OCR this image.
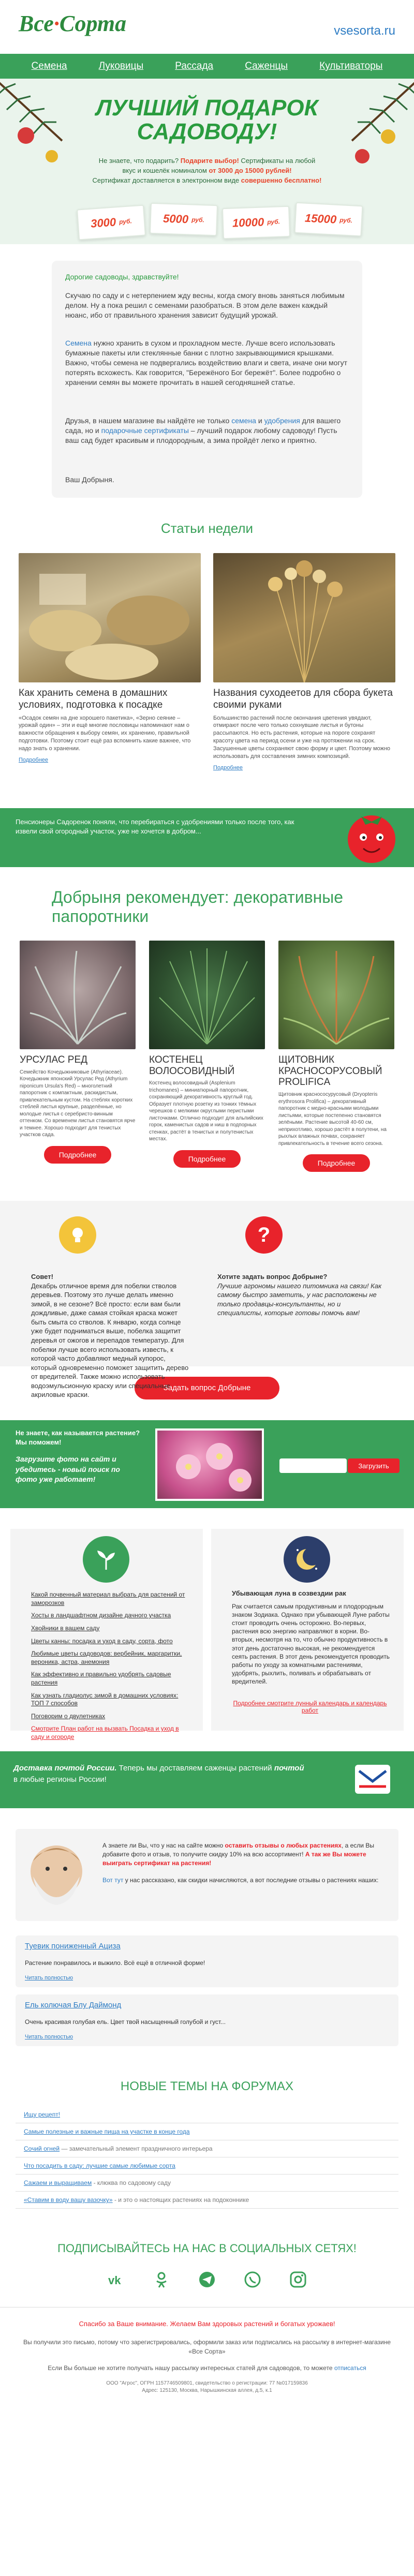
Все·Сорта	vsesorta.ru
Семена	Луковицы	Рассада	Саженцы	Культиваторы
ЛУЧШИЙ ПОДАРОК
САДОВОДУ!
Не знаете, что подарить? Подарите выбор! Сертификаты на любой
вкус и кошелёк номиналом от 3000 до 15000 рублей!
Сертификат доставляется в электронном виде совершенно бесплатно!
3000
руб.	5000
руб. 10000
руб. 15000
руб.
Дорогие садоводы, здравствуйте!
Скучаю по саду и с нетерпением жду весны, когда смогу вновь заняться любимым делом. Ну а пока решил с семенами разобраться. В этом деле важен каждый нюанс, ибо от правильного хранения зависит будущий урожай.
Семена нужно хранить в сухом и прохладном месте. Лучше всего использовать бумажные пакеты или стеклянные банки с плотно закрывающимися крышками. Важно, чтобы семена не подвергались воздействию влаги и света, иначе они могут потерять всхожесть. Как говорится, "Бережёного Бог бережёт". Более подробно о хранении семян вы можете прочитать в нашей сегодняшней статье.
Друзья, в нашем магазине вы найдёте не только семена и удобрения для вашего сада, но и подарочные сертификаты – лучший подарок любому садоводу! Пусть ваш сад будет красивым и плодородным, а зима пройдёт легко и приятно.
Ваш Добрыня.
Статьи недели
Как хранить семена в домашних условиях, подготовка к посадке
«Осадок семян на дне хорошего пакетика», «Зерно сеяние – урожай один» – эти и ещё многие пословицы напоминают нам о важности обращения к выбору семян, их хранению, правильной подготовки. Поэтому стоит ещё раз вспомнить какие важнее, что надо знать о хранении.
Подробнее
Названия суходеетов для сбора букета своими руками
Большинство растений после окончания цветения увядают, отмирают после чего только сохнувшие листья и бутоны рассыпаются. Но есть растения, которые на пороге сохранят красоту цвета на период осени и уже на протяжении на срок. Засушенные цветы сохраняют свою форму и цвет. Поэтому можно использовать для составления зимних композиций.
Подробнее
Пенсионеры Садоренок поняли, что перебираться с удобрениями только после того, как извели свой огородный участок, уже не хочется в добром...
Добрыня рекомендует: декоративные папоротники
УРСУЛАС РЕД
Семейство Кочедыжниковые (Athyriaceae). Кочедыжник японский Урсулас Ред (Athyrium niponicum Ursula's Red) – многолетний папоротник с компактным, раскидистым, привлекательным кустом. На стеблях коротких стеблей листья крупные, разделённые, но молодые листья с серебристо-винным оттенком. Со временем листья становятся ярче и темнее. Хорошо подходит для тенистых участков сада.
Подробнее
КОСТЕНЕЦ ВОЛОСОВИДНЫЙ
Костенец волосовидный (Asplenium trichomanes) – миниатюрный папоротник, сохраняющий декоративность круглый год. Образует плотную розетку из тонких тёмных черешков с мелкими округлыми перистыми листочками. Отлично подходит для альпийских горок, каменистых садов и ниш в подпорных стенках, растёт в тенистых и полутенистых местах.
Подробнее
ЩИТОВНИК КРАСНОСОРУСОВЫЙ PROLIFICA
Щитовник краснососурусовый (Dryopteris erythrosora Prolifica) – декоративный папоротник с медно-красными молодыми листьями, которые постепенно становятся зелёными. Растение высотой 40-60 см, неприхотливо, хорошо растёт в полутени, на рыхлых влажных почвах, сохраняет привлекательность в течение всего сезона.
Подробнее
Совет!
Декабрь отличное время для побелки стволов деревьев. Поэтому это лучше делать именно зимой, в не сезоне? Всё просто: если вам были дождливые, даже самая стойкая краска может быть смыта со стволов. К январю, когда солнце уже будет подниматься выше, побелка защитит деревья от ожогов и перепадов температур. Для побелки лучше всего использовать известь, к которой часто добавляют медный купорос, который одновременно поможет защитить дерево от вредителей. Также можно использовать водоэмульсионную краску или специальные акриловые краски.
?
Хотите задать вопрос Добрыне?
Лучшие агрономы нашего питомника на связи! Как самому быстро заметить, у нас расположены не только продавцы-консультанты, но и специалисты, которые готовы помочь вам!
Задать вопрос Добрыне
Не знаете, как называется растение?
Мы поможем!
Загрузите фото на сайт и убедитесь - новый поиск по фото уже работает!
Загрузить
Какой почвенный материал выбрать для растений от заморозков
Хосты в ландшафтном дизайне дачного участка
Хвойники в вашем саду
Цветы канны: посадка и уход в саду, сорта, фото
Любимые цветы садоводов: вербейник, маргаритки, вероника, астра, анемония
Как эффективно и правильно удобрять садовые растения
Как узнать гладиолус зимой в домашних условиях: ТОП 7 способов
Поговорим о двулетниках
Смотрите План работ на вызвать Посадка и уход в саду и огороде
Убывающая луна в созвездии рак
Рак считается самым продуктивным и плодородным знаком Зодиака. Однако при убывающей Луне работы стоит проводить очень осторожно. Во-первых, растения всю энергию направляют в корни. Во-вторых, несмотря на то, что обычно продуктивность в этот день достаточно высокая, не рекомендуется сеять растения. В этот день рекомендуется проводить работы по уходу за комнатными растениями, удобрять, рыхлить, поливать и обрабатывать от вредителей.
Подробнее смотрите лунный календарь и календарь работ
Доставка почтой России. Теперь мы доставляем саженцы растений почтой в любые регионы России!
А знаете ли Вы, что у нас на сайте можно оставить отзывы о любых растениях, а если Вы добавите фото и отзыв, то получите скидку 10% на всю ассортимент! А так же Вы можете выиграть сертификат на растения!

Вот тут у нас рассказано, как скидки начисляются, а вот последние отзывы о растениях наших:
Туевик пониженный Ациза
Растение понравилось и выжило. Всё ещё в отличной форме!
Читать полностью
Ель колючая Блу Даймонд
Очень красивая голубая ель. Цвет твой насыщенный голубой и густ...
Читать полностью
НОВЫЕ ТЕМЫ НА ФОРУМАХ
Ищу рецепт!
Самые полезные и важные пища на участке в конце года
Сочий огней — замечательный элемент праздничного интерьера
Что посадить в саду: лучшие самые любимые сорта
Сажаем и выращиваем - клюква по садовому саду
«Ставим в воду вашу вазочку» - и это о настоящих растениях на подоконнике
ПОДПИСЫВАЙТЕСЬ НА НАС В СОЦИАЛЬНЫХ СЕТЯХ!
vk
Спасибо за Ваше внимание. Желаем Вам здоровых растений и богатых урожаев!

Вы получили это письмо, потому что зарегистрировались, оформили заказ или подписались на рассылку в интернет-магазине «Все Сорта»

Если Вы больше не хотите получать нашу рассылку интересных статей для садоводов, то можете отписаться

ООО "Агрос", ОГРН 1157746509801, свидетельство о регистрации: 77 №017159836
Адрес: 125130, Москва, Нарышкинская аллея, д.5, к.1
